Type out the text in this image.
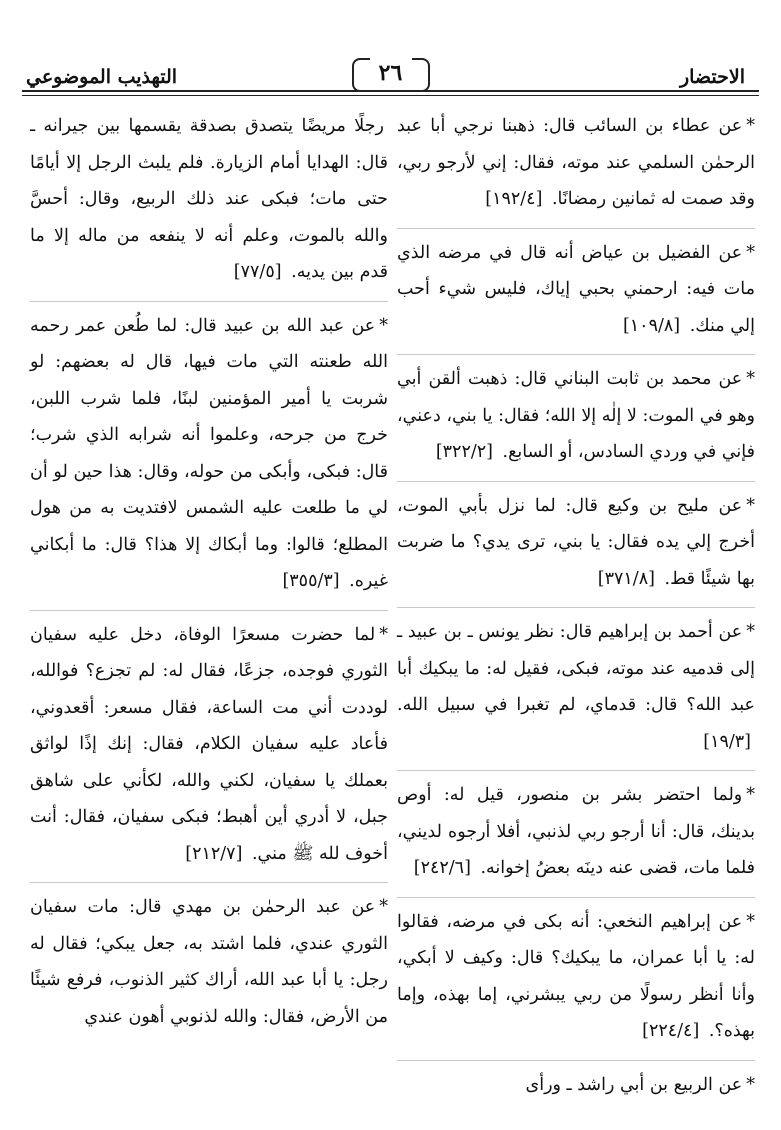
الاحتضار
٢٦
التهذيب الموضوعي

*عن عطاء بن السائب قال: ذهبنا نرجي أبا عبد الرحمٰن السلمي عند موته، فقال: إني لأرجو ربي، وقد صمت له ثمانين رمضانًا. [١٩٢/٤]

*عن الفضيل بن عياض أنه قال في مرضه الذي مات فيه: ارحمني بحبي إياك، فليس شيء أحب إلي منك. [١٠٩/٨]

*عن محمد بن ثابت البناني قال: ذهبت ألقن أبي وهو في الموت: لا إلٰه إلا الله؛ فقال: يا بني، دعني، فإني في وردي السادس، أو السابع. [٣٢٢/٢]

*عن مليح بن وكيع قال: لما نزل بأبي الموت، أخرج إلي يده فقال: يا بني، ترى يدي؟ ما ضربت بها شيئًا قط. [٣٧١/٨]

*عن أحمد بن إبراهيم قال: نظر يونس ـ بن عبيد ـ إلى قدميه عند موته، فبكى، فقيل له: ما يبكيك أبا عبد الله؟ قال: قدماي، لم تغبرا في سبيل الله. [١٩/٣]

*ولما احتضر بشر بن منصور، قيل له: أوص بدينك، قال: أنا أرجو ربي لذنبي، أفلا أرجوه لديني، فلما مات، قضى عنه دينَه بعضُ إخوانه. [٢٤٢/٦]

*عن إبراهيم النخعي: أنه بكى في مرضه، فقالوا له: يا أبا عمران، ما يبكيك؟ قال: وكيف لا أبكي، وأنا أنظر رسولًا من ربي يبشرني، إما بهذه، وإما بهذه؟. [٢٢٤/٤]

*عن الربيع بن أبي راشد ـ ورأى

رجلًا مريضًا يتصدق بصدقة يقسمها بين جيرانه ـ قال: الهدايا أمام الزيارة. فلم يلبث الرجل إلا أيامًا حتى مات؛ فبكى عند ذلك الربيع، وقال: أحسَّ والله بالموت، وعلم أنه لا ينفعه من ماله إلا ما قدم بين يديه. [٧٧/٥]

*عن عبد الله بن عبيد قال: لما طُعن عمر رحمه الله طعنته التي مات فيها، قال له بعضهم: لو شربت يا أمير المؤمنين لبنًا، فلما شرب اللبن، خرج من جرحه، وعلموا أنه شرابه الذي شرب؛ قال: فبكى، وأبكى من حوله، وقال: هذا حين لو أن لي ما طلعت عليه الشمس لافتديت به من هول المطلع؛ قالوا: وما أبكاك إلا هذا؟ قال: ما أبكاني غيره. [٣٥٥/٣]

*لما حضرت مسعرًا الوفاة، دخل عليه سفيان الثوري فوجده، جزعًا، فقال له: لم تجزع؟ فوالله، لوددت أني مت الساعة، فقال مسعر: أقعدوني، فأعاد عليه سفيان الكلام، فقال: إنك إذًا لواثق بعملك يا سفيان، لكني والله، لكأني على شاهق جبل، لا أدري أين أهبط؛ فبكى سفيان، فقال: أنت أخوف لله ﷺ مني. [٢١٢/٧]

*عن عبد الرحمٰن بن مهدي قال: مات سفيان الثوري عندي، فلما اشتد به، جعل يبكي؛ فقال له رجل: يا أبا عبد الله، أراك كثير الذنوب، فرفع شيئًا من الأرض، فقال: والله لذنوبي أهون عندي
